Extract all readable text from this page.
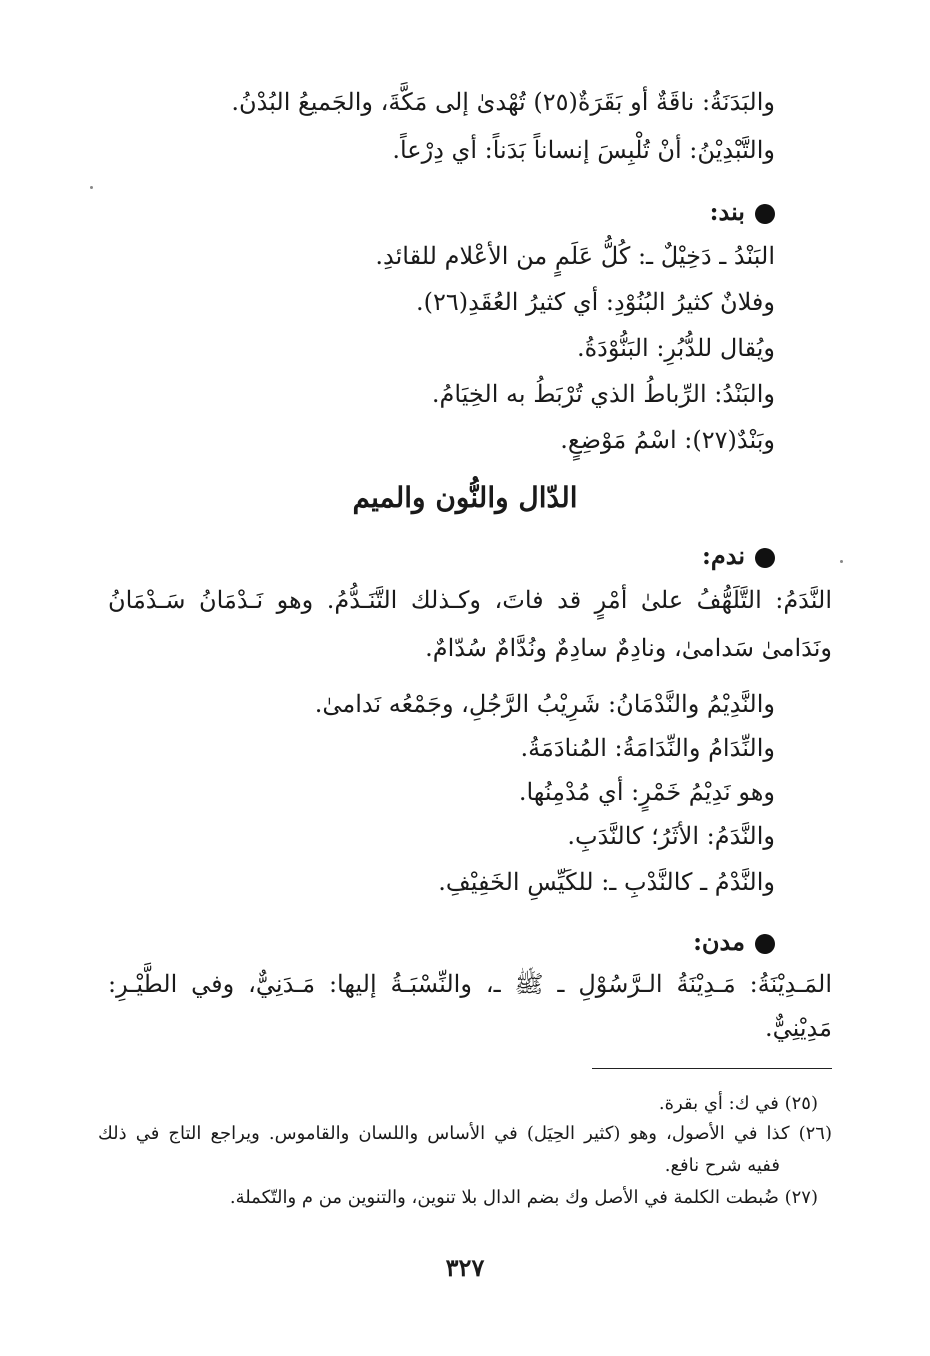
والبَدَنَةُ: ناقَةٌ أو بَقَرَةٌ(٢٥) تُهْدىٰ إلى مَكَّةَ، والجَميعُ البُدْنُ.
والتَّبْدِيْنُ: أنْ تُلْبِسَ إنساناً بَدَناً: أي دِرْعاً.
بند:
البَنْدُ ـ دَخِيْلٌ ـ: كُلُّ عَلَمٍ من الأعْلام للقائدِ.
وفلانٌ كثيرُ البُنُوْدِ: أي كثيرُ العُقَدِ(٢٦).
ويُقال للدُّبُرِ: البَنُّوْدَةُ.
والبَنْدُ: الرِّباطُ الذي تُرْبَطُ به الخِيَامُ.
وبَنْدٌ(٢٧): اسْمُ مَوْضِعٍ.
الدّال والنُّون والميم
ندم:
النَّدَمُ: التَّلَهُّفُ علىٰ أمْرٍ قد فاتَ، وكـذلك التَّنَـدُّمُ. وهو نَـدْمَانُ سَـدْمَانُ
ونَدَامىٰ سَدامىٰ، ونادِمٌ سادِمٌ ونُدَّامٌ سُدّامٌ.
والنَّدِيْمُ والنَّدْمَانُ: شَرِيْبُ الرَّجُلِ، وجَمْعُه نَدامىٰ.
والنِّدَامُ والنِّدَامَةُ: المُنادَمَةُ.
وهو نَدِيْمُ خَمْرٍ: أي مُدْمِنُها.
والنَّدَمُ: الأثَرُ؛ كالنَّدَبِ.
والنَّدْمُ ـ كالنَّدْبِ ـ: للكَيِّسِ الخَفِيْفِ.
مدن:
المَـدِيْنَةُ: مَـدِيْنَةُ الـرَّسُوْلِ ـ ﷺ ـ، والنِّسْبَـةُ إليها: مَـدَنِيٌّ، وفي الطَّيْـرِ:
مَدِيْنِيٌّ.
(٢٥) في ك: أي بقرة.
(٢٦) كذا في الأصول، وهو (كثير الحِيَل) في الأساس واللسان والقاموس. ويراجع التاج في ذلك
ففيه شرح نافع.
(٢٧) ضُبطت الكلمة في الأصل وك بضم الدال بلا تنوين، والتنوين من م والتّكملة.
٣٢٧
